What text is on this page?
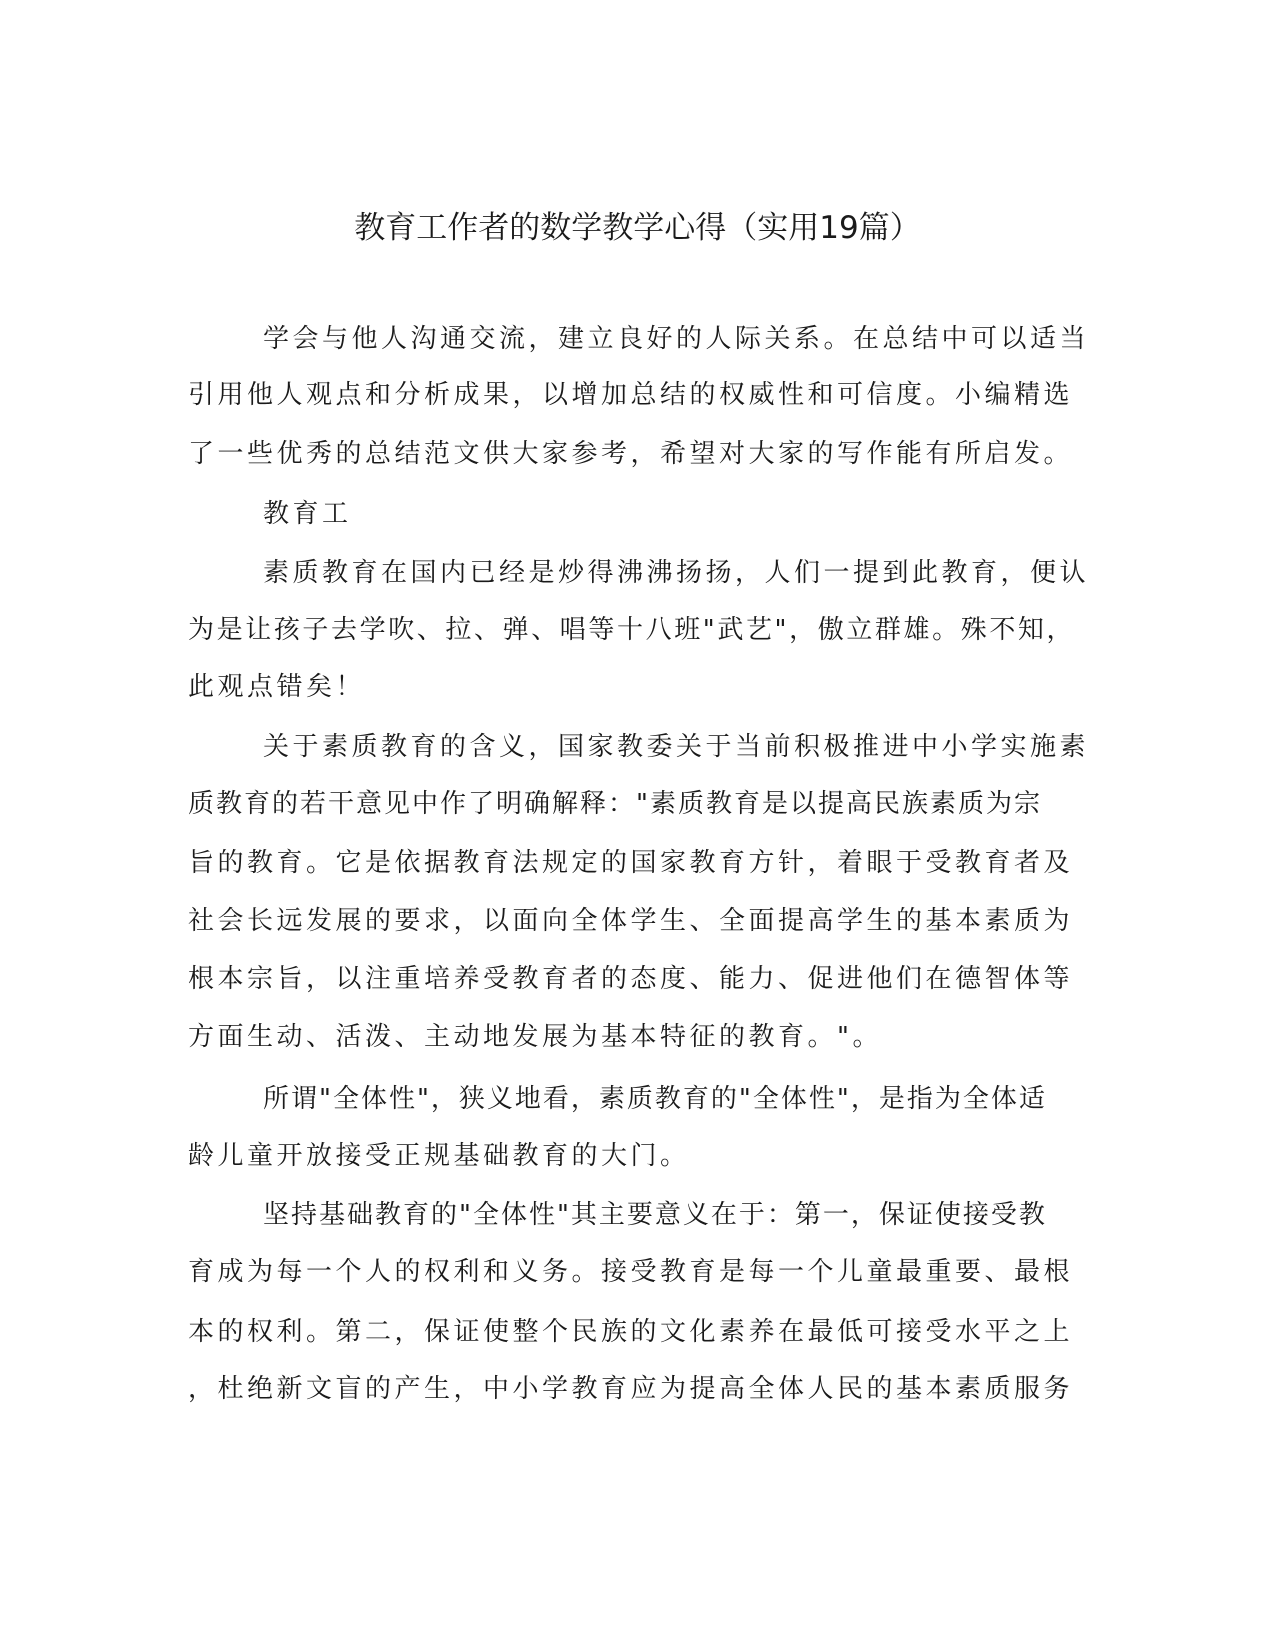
教育工作者的数学教学心得（实用19篇）

学会与他人沟通交流，建立良好的人际关系。在总结中可以适当

引用他人观点和分析成果，以增加总结的权威性和可信度。小编精选

了一些优秀的总结范文供大家参考，希望对大家的写作能有所启发。

教育工

素质教育在国内已经是炒得沸沸扬扬，人们一提到此教育，便认

为是让孩子去学吹、拉、弹、唱等十八班"武艺"，傲立群雄。殊不知，

此观点错矣！

关于素质教育的含义，国家教委关于当前积极推进中小学实施素

质教育的若干意见中作了明确解释："素质教育是以提高民族素质为宗

旨的教育。它是依据教育法规定的国家教育方针，着眼于受教育者及

社会长远发展的要求，以面向全体学生、全面提高学生的基本素质为

根本宗旨，以注重培养受教育者的态度、能力、促进他们在德智体等

方面生动、活泼、主动地发展为基本特征的教育。"。

所谓"全体性"，狭义地看，素质教育的"全体性"，是指为全体适

龄儿童开放接受正规基础教育的大门。

坚持基础教育的"全体性"其主要意义在于：第一，保证使接受教

育成为每一个人的权利和义务。接受教育是每一个儿童最重要、最根

本的权利。第二，保证使整个民族的文化素养在最低可接受水平之上

，杜绝新文盲的产生，中小学教育应为提高全体人民的基本素质服务
